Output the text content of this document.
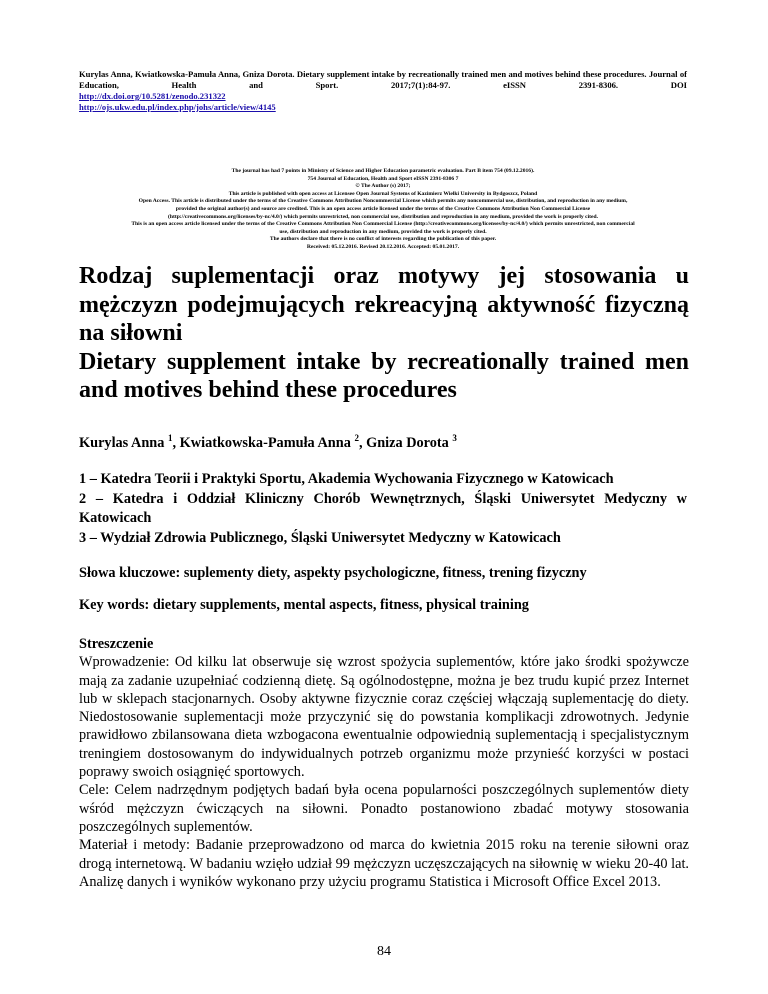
Kurylas Anna, Kwiatkowska-Pamuła Anna, Gniza Dorota. Dietary supplement intake by recreationally trained men and motives behind these procedures. Journal of Education, Health and Sport. 2017;7(1):84-97. eISSN 2391-8306. DOI
http://dx.doi.org/10.5281/zenodo.231322
http://ojs.ukw.edu.pl/index.php/johs/article/view/4145
The journal has had 7 points in Ministry of Science and Higher Education parametric evaluation. Part B item 754 (09.12.2016).
754 Journal of Education, Health and Sport eISSN 2391-8306 7
© The Author (s) 2017;
This article is published with open access at Licensee Open Journal Systems of Kazimierz Wielki University in Bydgoszcz, Poland
Open Access. This article is distributed under the terms of the Creative Commons Attribution Noncommercial License which permits any noncommercial use, distribution, and reproduction in any medium,
provided the original author(s) and source are credited. This is an open access article licensed under the terms of the Creative Commons Attribution Non Commercial License
(http://creativecommons.org/licenses/by-nc/4.0/) which permits unrestricted, non commercial use, distribution and reproduction in any medium, provided the work is properly cited.
This is an open access article licensed under the terms of the Creative Commons Attribution Non Commercial License (http://creativecommons.org/licenses/by-nc/4.0/) which permits unrestricted, non commercial
use, distribution and reproduction in any medium, provided the work is properly cited.
The authors declare that there is no conflict of interests regarding the publication of this paper.
Received: 05.12.2016. Revised 20.12.2016. Accepted: 05.01.2017.
Rodzaj suplementacji oraz motywy jej stosowania u
mężczyzn podejmujących rekreacyjną aktywność fizyczną
na siłowni
Dietary supplement intake by recreationally trained men
and motives behind these procedures
Kurylas Anna $^1$, Kwiatkowska-Pamuła Anna $^2$, Gniza Dorota $^3$
1 – Katedra Teorii i Praktyki Sportu, Akademia Wychowania Fizycznego w Katowicach
2 – Katedra i Oddział Kliniczny Chorób Wewnętrznych, Śląski Uniwersytet Medyczny w Katowicach
3 – Wydział Zdrowia Publicznego, Śląski Uniwersytet Medyczny w Katowicach
Słowa kluczowe: suplementy diety, aspekty psychologiczne, fitness, trening fizyczny
Key words: dietary supplements, mental aspects, fitness, physical training
Streszczenie

Wprowadzenie: Od kilku lat obserwuje się wzrost spożycia suplementów, które jako środki spożywcze mają za zadanie uzupełniać codzienną dietę. Są ogólnodostępne, można je bez trudu kupić przez Internet lub w sklepach stacjonarnych. Osoby aktywne fizycznie coraz częściej włączają suplementację do diety. Niedostosowanie suplementacji może przyczynić się do powstania komplikacji zdrowotnych. Jedynie prawidłowo zbilansowana dieta wzbogacona ewentualnie odpowiednią suplementacją i specjalistycznym treningiem dostosowanym do indywidualnych potrzeb organizmu może przynieść korzyści w postaci poprawy swoich osiągnięć sportowych.

Cele: Celem nadrzędnym podjętych badań była ocena popularności poszczególnych suplementów diety wśród mężczyzn ćwiczących na siłowni. Ponadto postanowiono zbadać motywy stosowania poszczególnych suplementów.

Materiał i metody: Badanie przeprowadzono od marca do kwietnia 2015 roku na terenie siłowni oraz drogą internetową. W badaniu wzięło udział 99 mężczyzn uczęszczających na siłownię w wieku 20-40 lat. Analizę danych i wyników wykonano przy użyciu programu Statistica i Microsoft Office Excel 2013.

84
